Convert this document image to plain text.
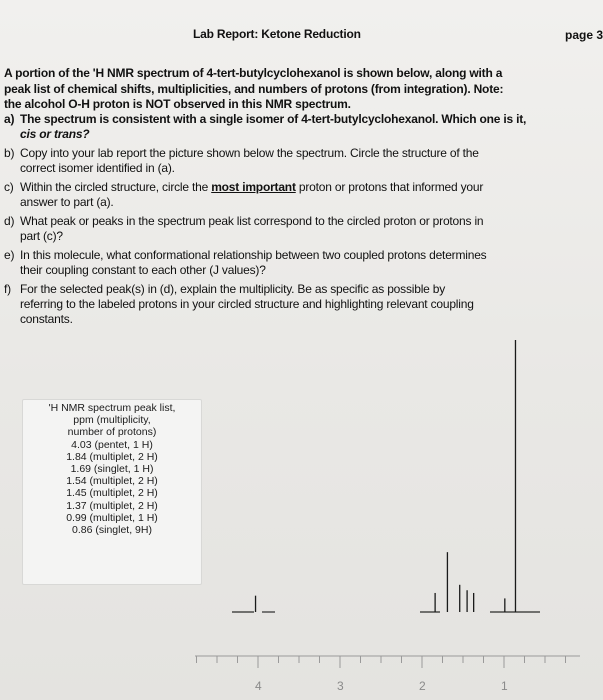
Lab Report: Ketone Reduction	page 3
A portion of the 'H NMR spectrum of 4-tert-butylcyclohexanol is shown below, along with a
peak list of chemical shifts, multiplicities, and numbers of protons (from integration). Note:
the alcohol O-H proton is NOT observed in this NMR spectrum.
a) The spectrum is consistent with a single isomer of 4-tert-butylcyclohexanol. Which one is it,
cis or trans?
b) Copy into your lab report the picture shown below the spectrum. Circle the structure of the
correct isomer identified in (a).
c) Within the circled structure, circle the most important proton or protons that informed your
answer to part (a).
d) What peak or peaks in the spectrum peak list correspond to the circled proton or protons in
part (c)?
e) In this molecule, what conformational relationship between two coupled protons determines
their coupling constant to each other (J values)?
f) For the selected peak(s) in (d), explain the multiplicity. Be as specific as possible by
referring to the labeled protons in your circled structure and highlighting relevant coupling
constants.
'H NMR spectrum peak list,
ppm (multiplicity,
number of protons)
4.03 (pentet, 1 H)
1.84 (multiplet, 2 H)
1.69 (singlet, 1 H)
1.54 (multiplet, 2 H)
1.45 (multiplet, 2 H)
1.37 (multiplet, 2 H)
0.99 (multiplet, 1 H)
0.86 (singlet, 9H)
4	3	2	1
